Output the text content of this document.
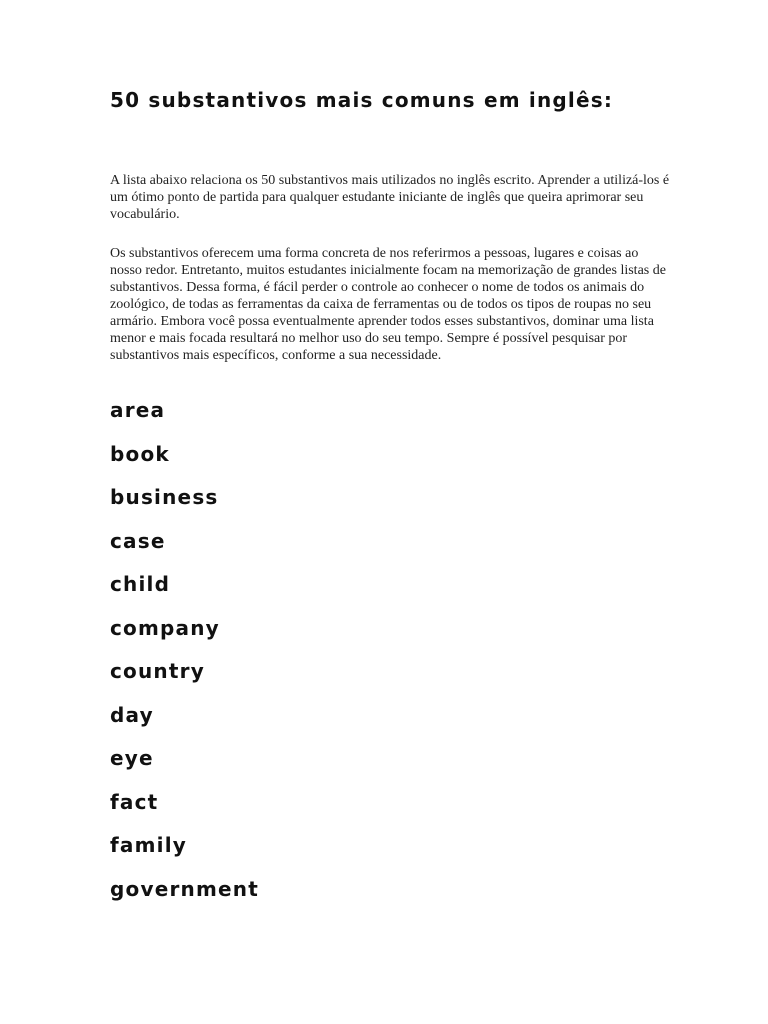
50 substantivos mais comuns em inglês:

A lista abaixo relaciona os 50 substantivos mais utilizados no inglês escrito. Aprender a utilizá-los é um ótimo ponto de partida para qualquer estudante iniciante de inglês que queira aprimorar seu vocabulário.

Os substantivos oferecem uma forma concreta de nos referirmos a pessoas, lugares e coisas ao nosso redor. Entretanto, muitos estudantes inicialmente focam na memorização de grandes listas de substantivos. Dessa forma, é fácil perder o controle ao conhecer o nome de todos os animais do zoológico, de todas as ferramentas da caixa de ferramentas ou de todos os tipos de roupas no seu armário. Embora você possa eventualmente aprender todos esses substantivos, dominar uma lista menor e mais focada resultará no melhor uso do seu tempo. Sempre é possível pesquisar por substantivos mais específicos, conforme a sua necessidade.

area
book
business
case
child
company
country
day
eye
fact
family
government
